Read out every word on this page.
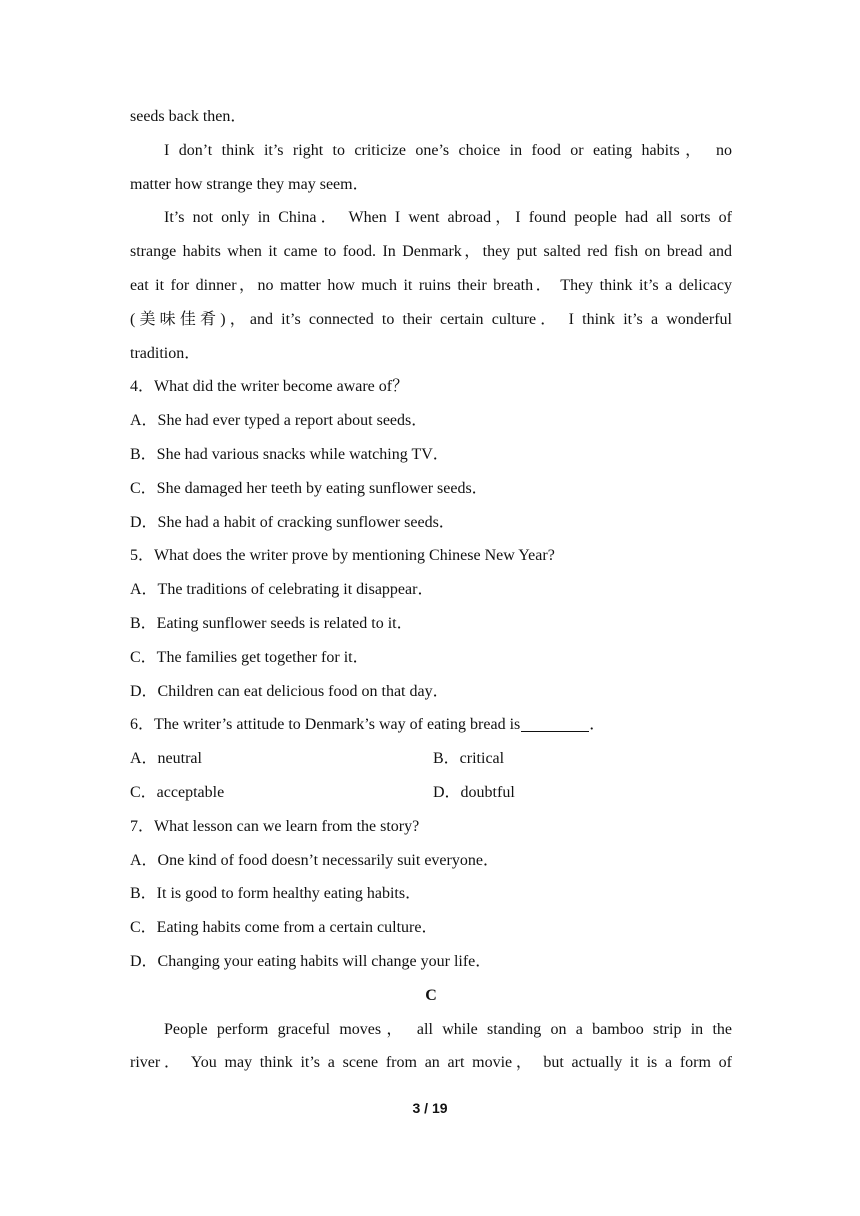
seeds back then．
I don’t think it’s right to criticize one’s choice in food or eating habits， no
matter how strange they may seem．
It’s not only in China． When I went abroad，I found people had all sorts of
strange habits when it came to food. In Denmark，they put salted red fish on bread and
eat it for dinner，no matter how much it ruins their breath． They think it’s a delicacy
(美味佳肴)，and it’s connected to their certain culture． I think it’s a wonderful
tradition．
4．What did the writer become aware of？
A．She had ever typed a report about seeds．
B．She had various snacks while watching TV．
C．She damaged her teeth by eating sunflower seeds．
D．She had a habit of cracking sunflower seeds．
5．What does the writer prove by mentioning Chinese New Year?
A．The traditions of celebrating it disappear．
B．Eating sunflower seeds is related to it．
C．The families get together for it．
D．Children can eat delicious food on that day．
6．The writer’s attitude to Denmark’s way of eating bread is	．
A．neutral	B．critical
C．acceptable	D．doubtful
7．What lesson can we learn from the story?
A．One kind of food doesn’t necessarily suit everyone．
B．It is good to form healthy eating habits．
C．Eating habits come from a certain culture．
D．Changing your eating habits will change your life．
C
People perform graceful moves， all while standing on a bamboo strip in the
river． You may think it’s a scene from an art movie， but actually it is a form of
3 / 19
